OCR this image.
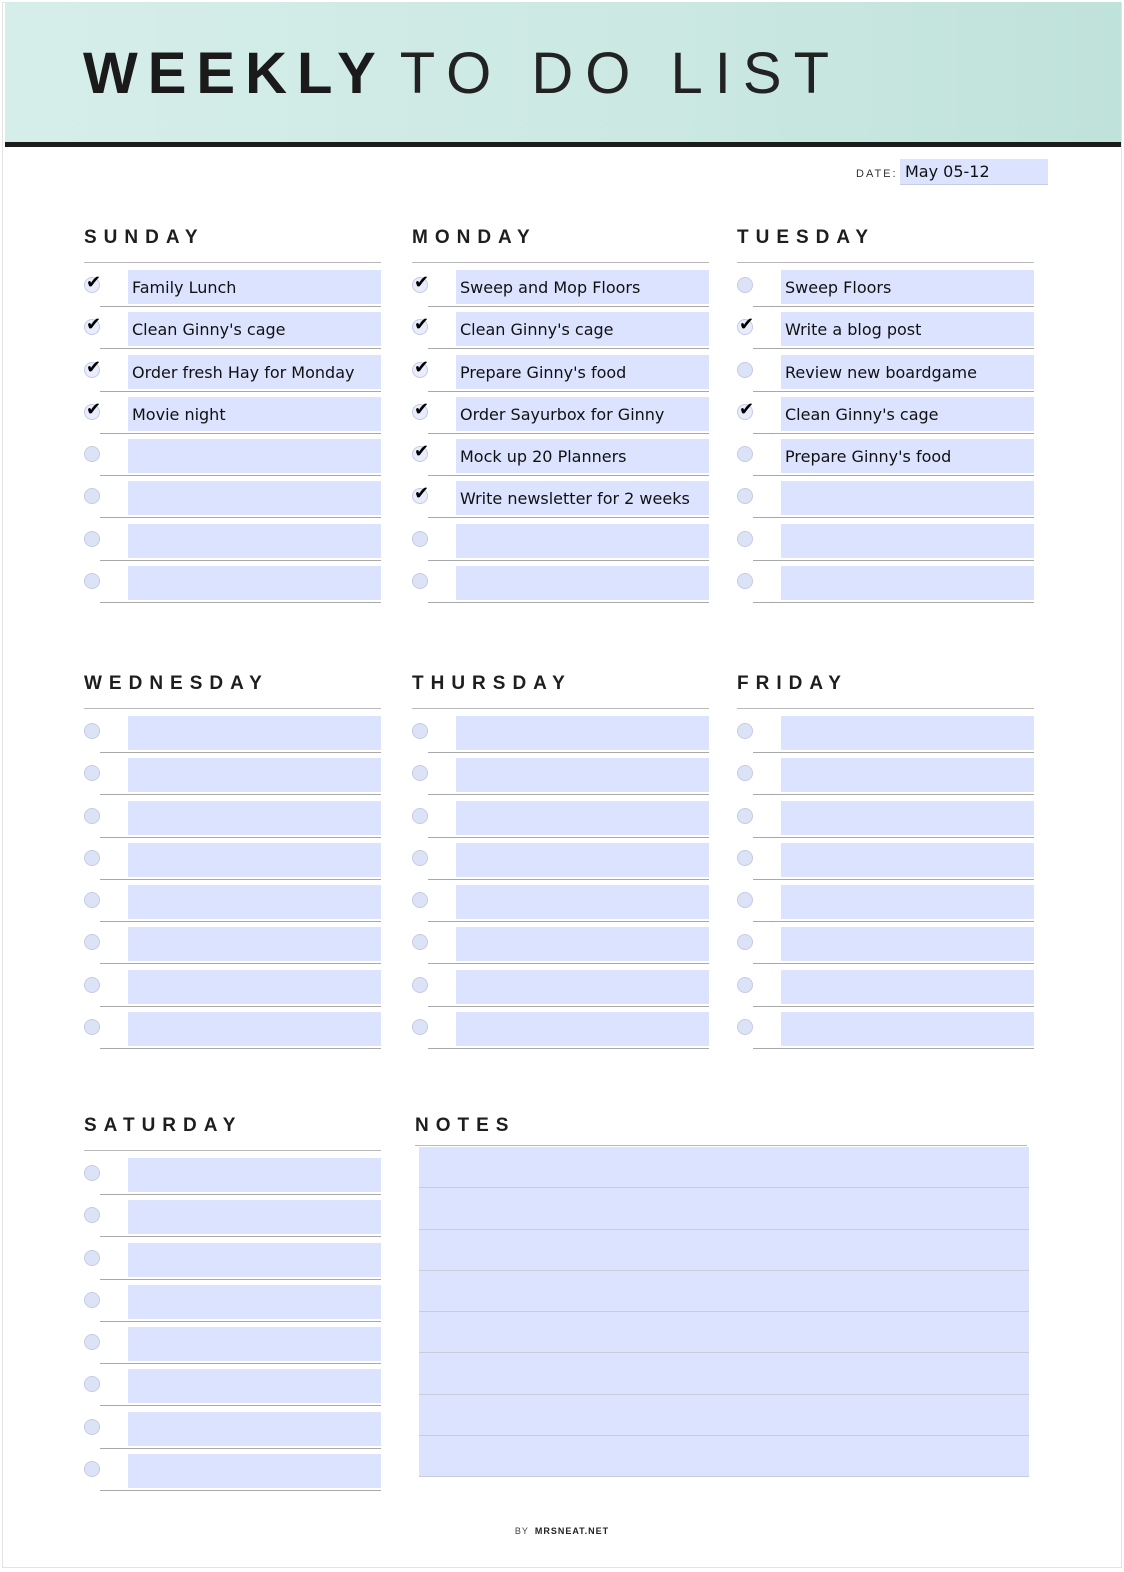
WEEKLY TO DO LIST
DATE: May 05-12
SUNDAY
✔
Family Lunch
✔
Clean Ginny's cage
✔
Order fresh Hay for Monday
✔
Movie night
MONDAY
✔
Sweep and Mop Floors
✔
Clean Ginny's cage
✔
Prepare Ginny's food
✔
Order Sayurbox for Ginny
✔
Mock up 20 Planners
✔
Write newsletter for 2 weeks
TUESDAY
Sweep Floors
✔
Write a blog post
Review new boardgame
✔
Clean Ginny's cage
Prepare Ginny's food
WEDNESDAY	THURSDAY	FRIDAY
SATURDAY	NOTES
BY MRSNEAT.NET
